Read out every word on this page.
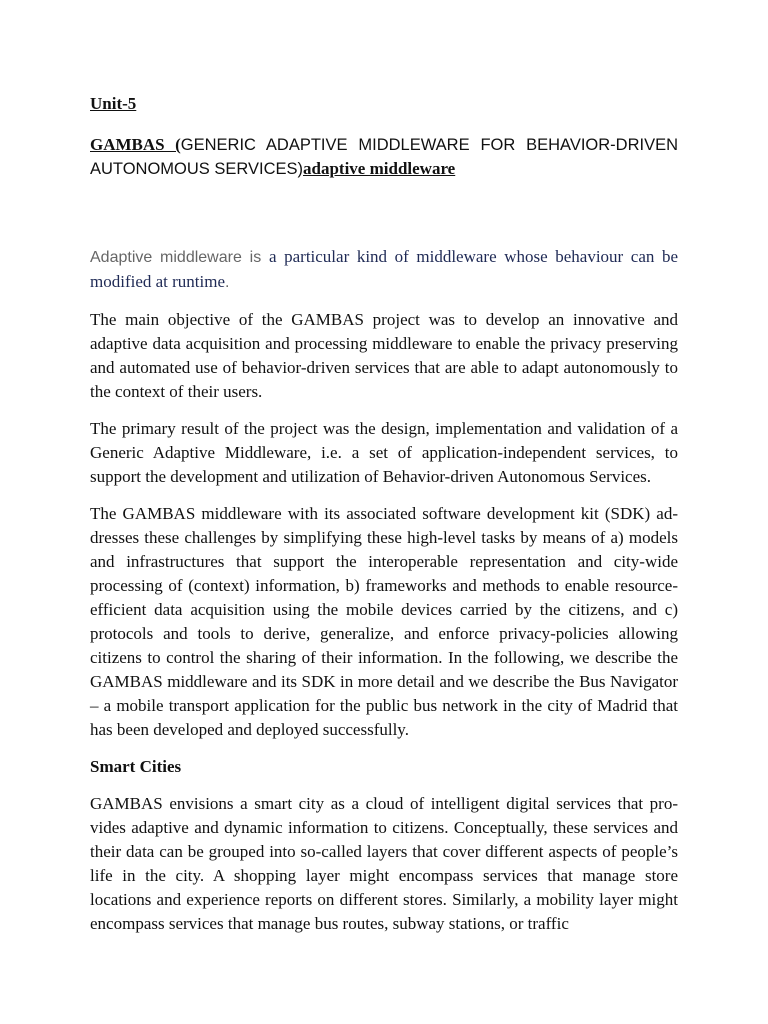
Unit-5

GAMBAS (GENERIC ADAPTIVE MIDDLEWARE FOR BEHAVIOR-DRIVEN AUTONOMOUS SERVICES)adaptive middleware

Adaptive middleware is a particular kind of middleware whose behaviour can be modified at runtime.

The main objective of the GAMBAS project was to develop an innovative and adaptive data acquisition and processing middleware to enable the privacy preserving and automated use of behavior-driven services that are able to adapt autonomously to the context of their users.

The primary result of the project was the design, implementation and validation of a Generic Adaptive Middleware, i.e. a set of application-independent services, to support the development and utilization of Behavior-driven Autonomous Services.

The GAMBAS middleware with its associated software development kit (SDK) ad- dresses these challenges by simplifying these high-level tasks by means of a) models and infrastructures that support the interoperable representation and city-wide processing of (context) information, b) frameworks and methods to enable resource- efficient data acquisition using the mobile devices carried by the citizens, and c) protocols and tools to derive, generalize, and enforce privacy-policies allowing citizens to control the sharing of their information. In the following, we describe the GAMBAS middleware and its SDK in more detail and we describe the Bus Navigator – a mobile transport application for the public bus network in the city of Madrid that has been developed and deployed successfully.

Smart Cities

GAMBAS envisions a smart city as a cloud of intelligent digital services that pro- vides adaptive and dynamic information to citizens. Conceptually, these services and their data can be grouped into so-called layers that cover different aspects of people’s life in the city. A shopping layer might encompass services that manage store locations and experience reports on different stores. Similarly, a mobility layer might encompass services that manage bus routes, subway stations, or traffic
